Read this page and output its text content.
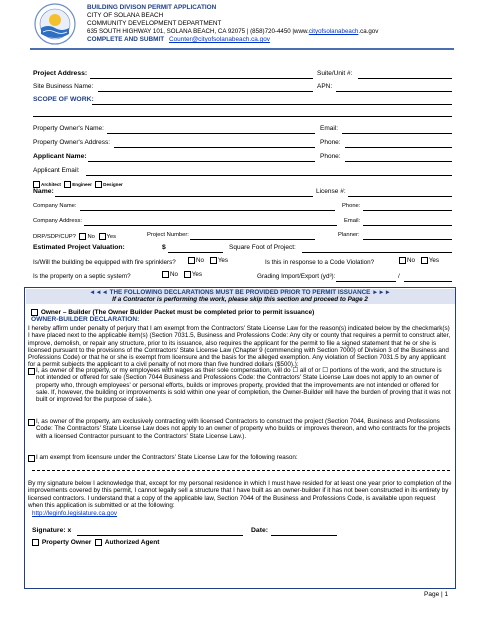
BUILDING DIVISON PERMIT APPLICATION
CITY OF SOLANA BEACH
COMMUNITY DEVELOPMENT DEPARTMENT
635 SOUTH HIGHWAY 101, SOLANA BEACH, CA 92075 | (858)720-4450 |www.cityofsolanabeach.ca.gov
COMPLETE AND SUBMIT Counter@cityofsolanabeach.ca.gov
Project Address:	Suite/Unit #:
Site Business Name:	APN:
SCOPE OF WORK:
Property Owner's Name:	Email:
Property Owner's Address:	Phone:
Applicant Name:	Phone:
Applicant Email:
Architect Engineer Designer
Name:	License #:
Company Name:	Phone:
Company Address:	Email:
DRP/SDP/CUP? No Yes	Project Number:	Planner:
Estimated Project Valuation:	$	Square Foot of Project:
Is/Will the building be equipped with fire sprinklers?	No Yes	Is this in response to a Code Violation?	No Yes
Is the property on a septic system?	No Yes	Grading Import/Export (yd³):	/
◄◄◄ THE FOLLOWING DECLARATIONS MUST BE PROVIDED PRIOR TO PERMIT ISSUANCE ►►►
If a Contractor is performing the work, please skip this section and proceed to Page 2
Owner – Builder (The Owner Builder Packet must be completed prior to permit issuance)
OWNER-BUILDER DECLARATION:

I hereby affirm under penalty of perjury that I am exempt from the Contractors' State License Law for the reason(s) indicated below by the checkmark(s) I have placed next to the applicable item(s) (Section 7031.5, Business and Professions Code: Any city or county that requires a permit to construct alter, improve, demolish, or repair any structure, prior to its issuance, also requires the applicant for the permit to file a signed statement that he or she is licensed pursuant to the provisions of the Contractors' State License Law (Chapter 9 (commencing with Section 7000) of Division 3 of the Business and Professions Code) or that he or she is exempt from licensure and the basis for the alleged exemption. Any violation of Section 7031.5 by any applicant for a permit subjects the applicant to a civil penalty of not more than five hundred dollars ($500).):

I, as owner of the property, or my employees with wages as their sole compensation, will do ☐ all of or ☐ portions of the work, and the structure is not intended or offered for sale (Section 7044 Business and Professions Code: the Contractors' State License Law does not apply to an owner of property who, through employees' or personal efforts, builds or improves property, provided that the improvements are not intended or offered for sale. If, however, the building or improvements is sold within one year of completion, the Owner-Builder will have the burden of proving that it was not built or improved for the purpose of sale.).

I, as owner of the property, am exclusively contracting with licensed Contractors to construct the project (Section 7044, Business and Professions Code: The Contractors' State License Law does not apply to an owner of property who builds or improves thereon, and who contracts for the projects with a licensed Contractor pursuant to the Contractors' State License Law.).

I am exempt from licensure under the Contractors' State License Law for the following reason:

By my signature below I acknowledge that, except for my personal residence in which I must have resided for at least one year prior to completion of the improvements covered by this permit, I cannot legally sell a structure that I have built as an owner-builder if it has not been constructed in its entirety by licensed contractors. I understand that a copy of the applicable law, Section 7044 of the Business and Professions Code, is available upon request when this application is submitted or at the following:

http://leginfo.legislature.ca.gov
Signature: x	Date:
Property Owner Authorized Agent
Page | 1
